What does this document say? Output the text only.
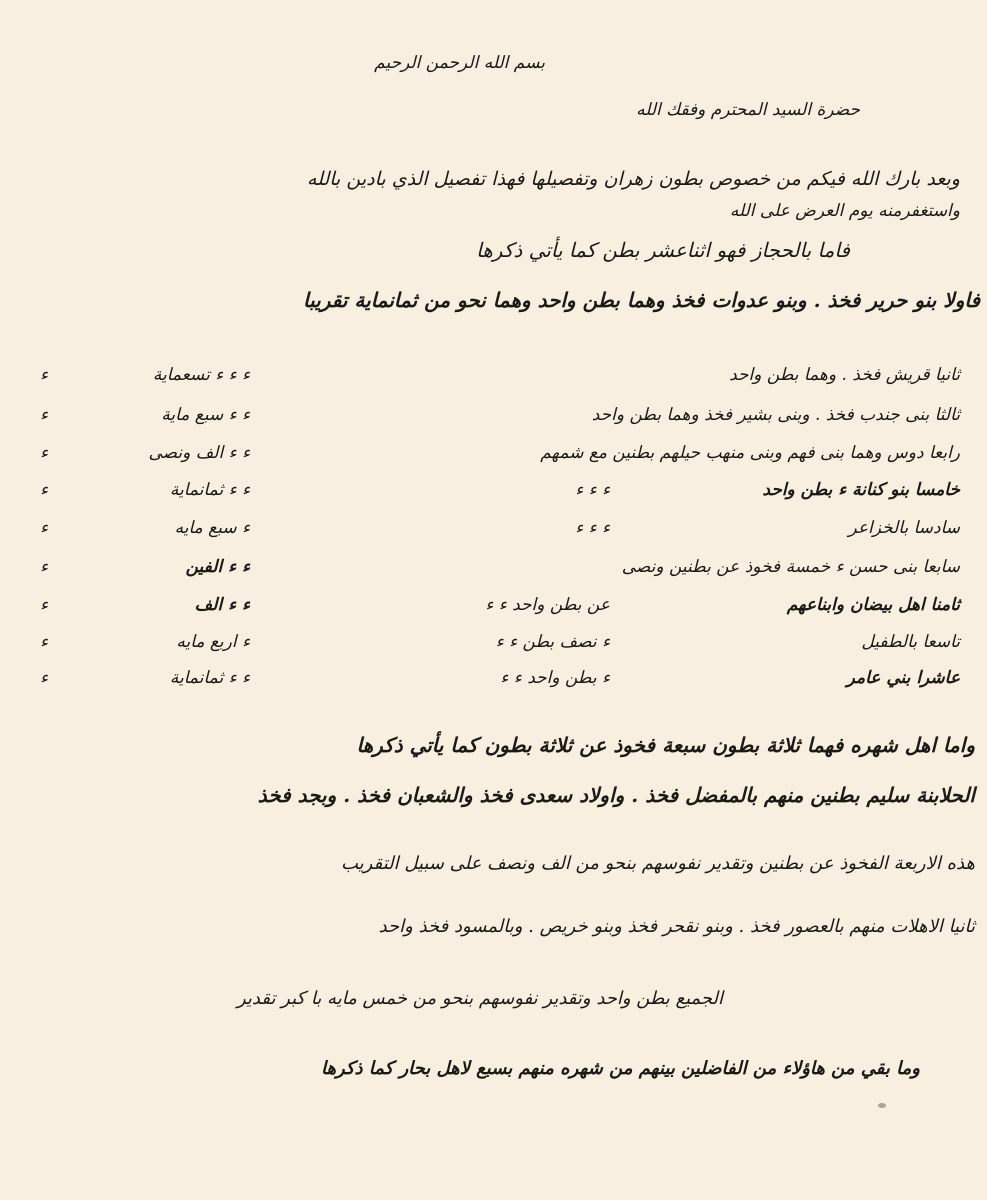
بسم الله الرحمن الرحيم
حضرة السيد المحترم وفقك الله
وبعد بارك الله فيكم من خصوص بطون زهران وتفصيلها فهذا تفصيل الذي بادين بالله
واستغفرمنه يوم العرض على الله
فاما بالحجاز فهو اثناعشر بطن كما يأتي ذكرها
فاولا بنو حرير فخذ . وبنو عدوات فخذ وهما بطن واحد وهما نحو من ثمانماية تقريبا
ثانيا قريش فخذ . وهما بطن واحد
ء ء ء تسعماية
ء
ثالثا بنى جندب فخذ . وبنى بشير فخذ وهما بطن واحد
ء ء سبع ماية
ء
رابعا دوس وهما بنى فهم وبنى منهب حيلهم بطنين مع شمهم
ء ء الف ونصى
ء
خامسا بنو كنانة ء بطن واحد
ء ء ء
ء ء ثمانماية
ء
سادسا بالخزاعر
ء ء ء
ء سبع مايه
ء
سابعا بنى حسن ء خمسة فخوذ عن بطنين ونصى
ء ء الفين
ء
ثامنا اهل بيضان وابناعهم
عن بطن واحد ء ء
ء ء الف
ء
تاسعا بالطفيل
ء نصف بطن ء ء
ء اربع مايه
ء
عاشرا بني عامر
ء بطن واحد ء ء
ء ء ثمانماية
ء
واما اهل شهره فهما ثلاثة بطون سبعة فخوذ عن ثلاثة بطون كما يأتي ذكرها
الحلابنة سليم بطنين منهم بالمفضل فخذ . واولاد سعدى فخذ والشعبان فخذ . وبجد فخذ
هذه الاربعة الفخوذ عن بطنين وتقدير نفوسهم بنحو من الف ونصف على سبيل التقريب
ثانيا الاهلات منهم بالعصور فخذ . وبنو نقحر فخذ وبنو خريص . وبالمسود فخذ واحد
الجميع بطن واحد وتقدير نفوسهم بنحو من خمس مايه با كبر تقدير
وما بقي من هاؤلاء من الفاضلين بينهم من شهره منهم بسبع لاهل بحار كما ذكرها
